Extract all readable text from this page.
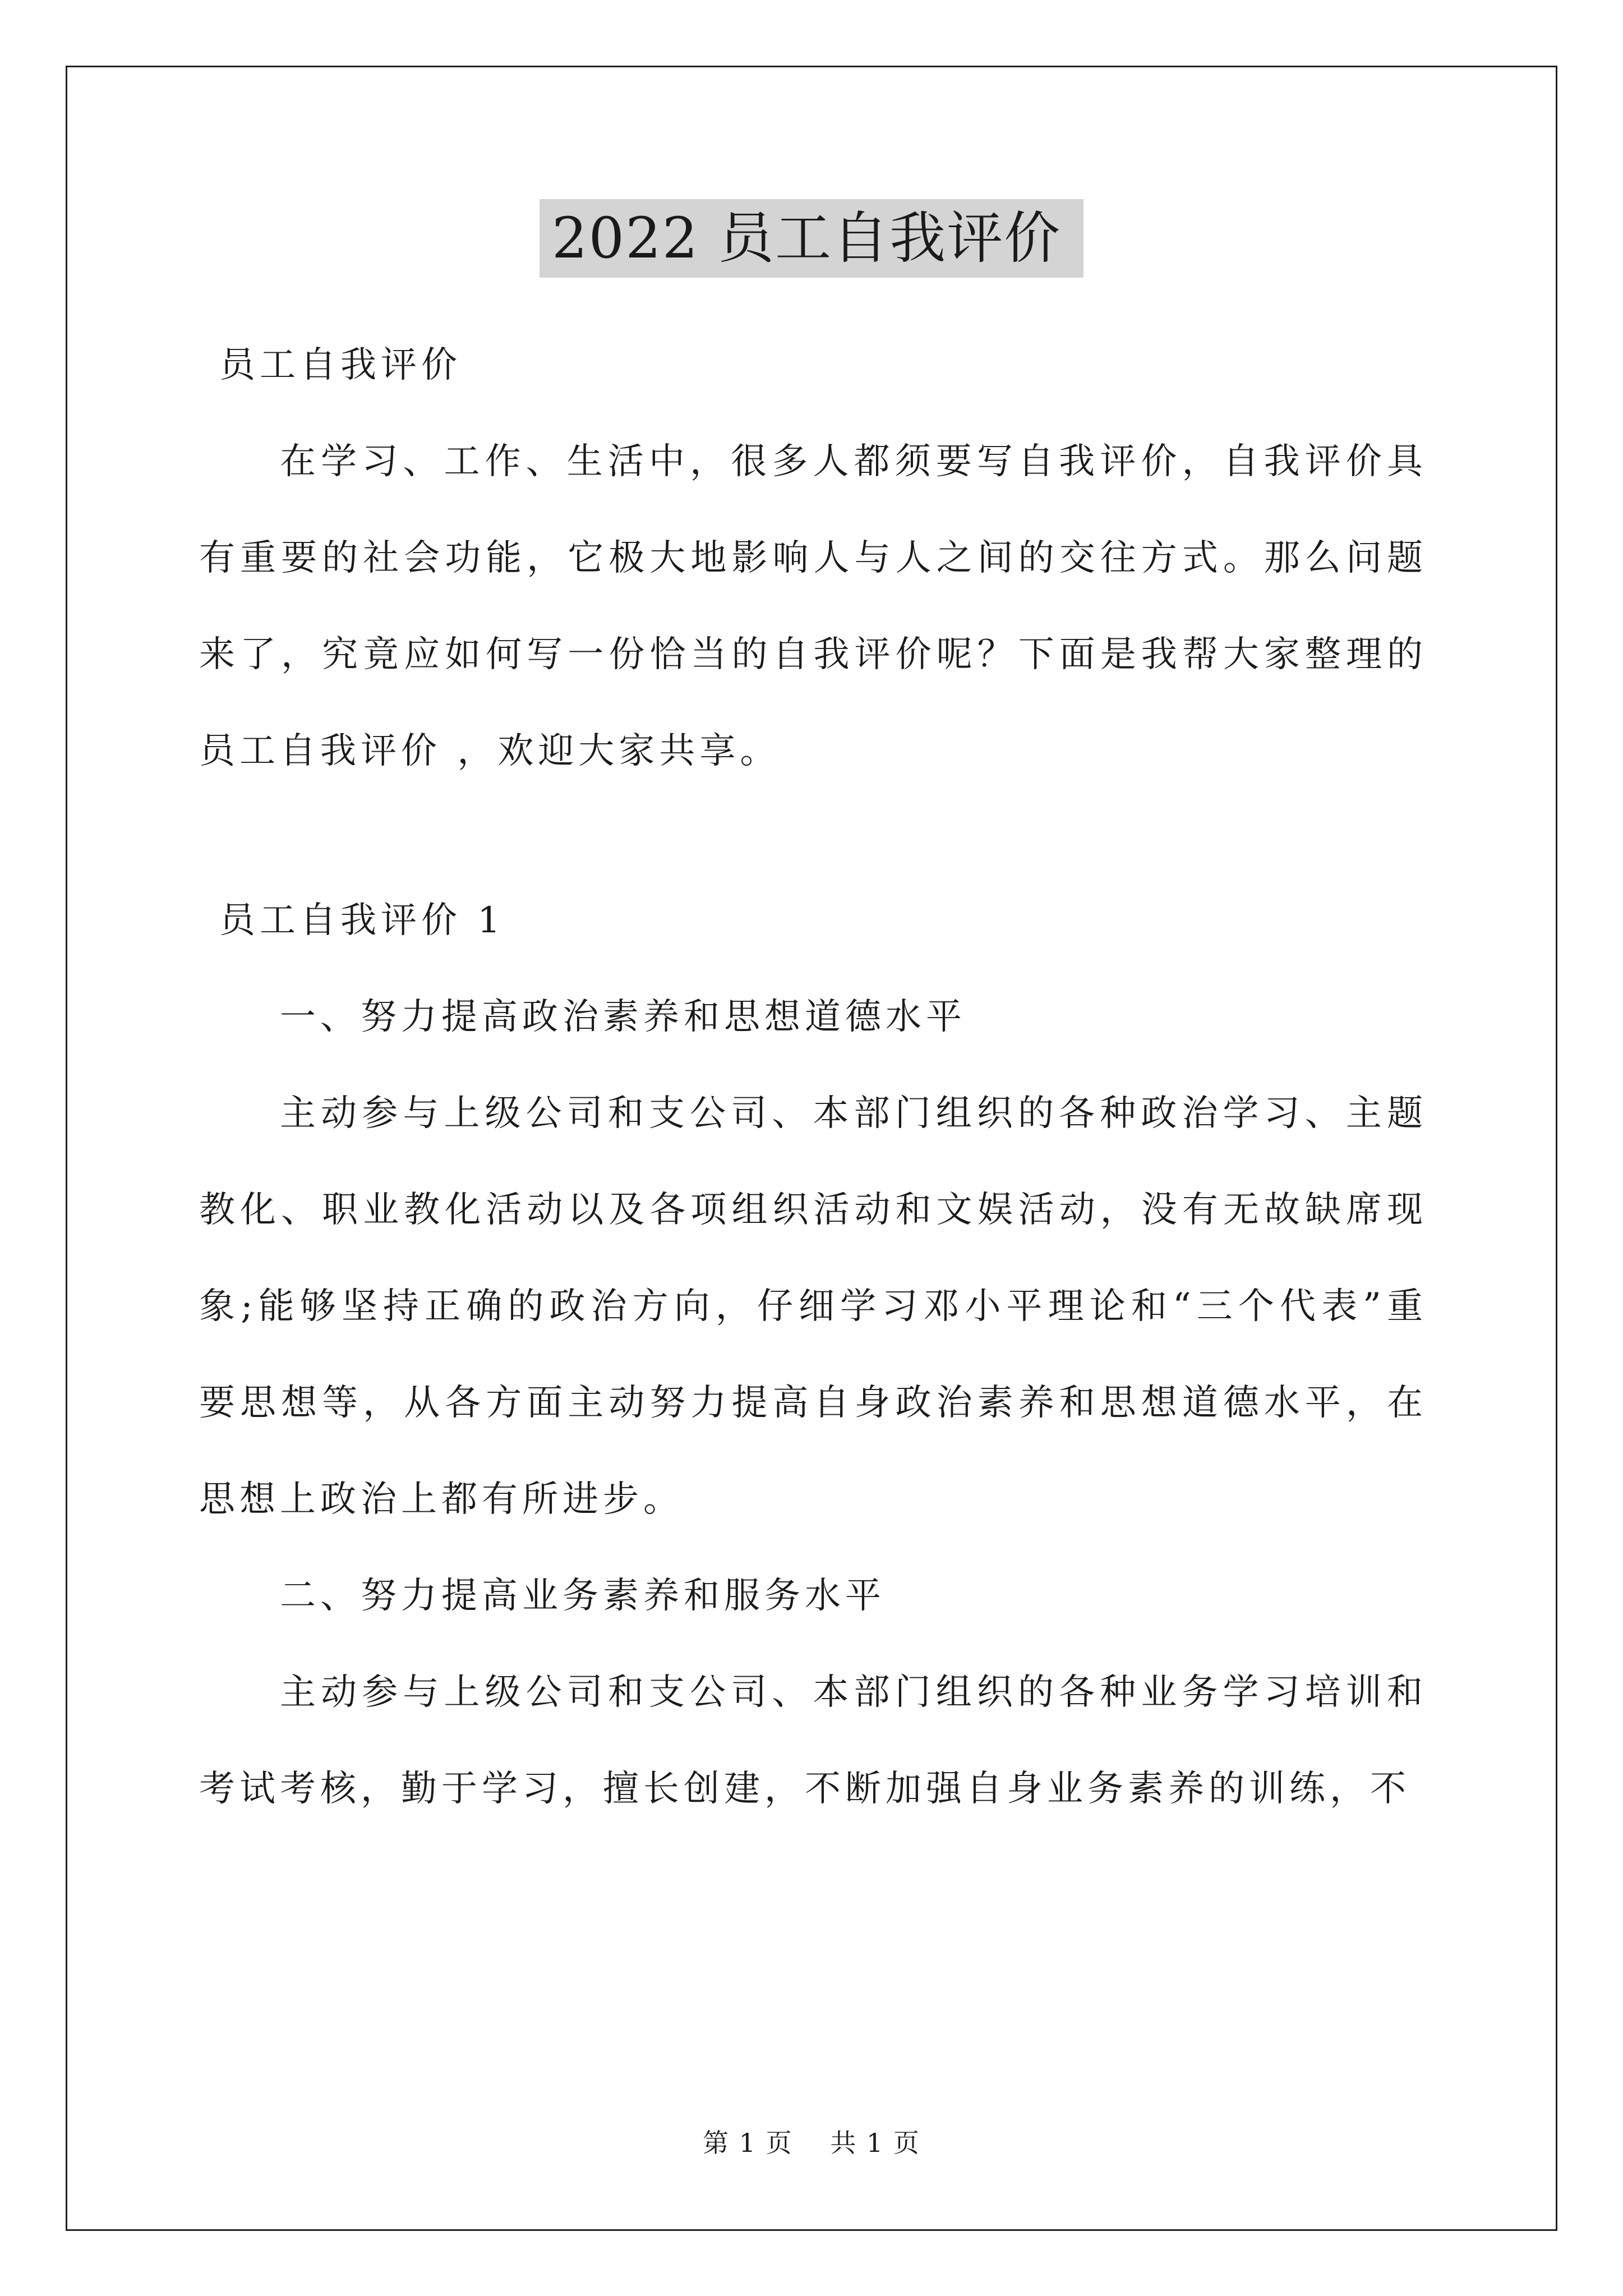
2022 员工自我评价

员工自我评价

在学习、工作、生活中，很多人都须要写自我评价，自我评价具有重要的社会功能，它极大地影响人与人之间的交往方式。那么问题来了，究竟应如何写一份恰当的自我评价呢？下面是我帮大家整理的员工自我评价 ，欢迎大家共享。

员工自我评价 1

一、努力提高政治素养和思想道德水平

主动参与上级公司和支公司、本部门组织的各种政治学习、主题教化、职业教化活动以及各项组织活动和文娱活动，没有无故缺席现象;能够坚持正确的政治方向，仔细学习邓小平理论和“三个代表”重要思想等，从各方面主动努力提高自身政治素养和思想道德水平，在思想上政治上都有所进步。

二、努力提高业务素养和服务水平

主动参与上级公司和支公司、本部门组织的各种业务学习培训和考试考核，勤于学习，擅长创建，不断加强自身业务素养的训练，不

第 1 页 共 1 页
